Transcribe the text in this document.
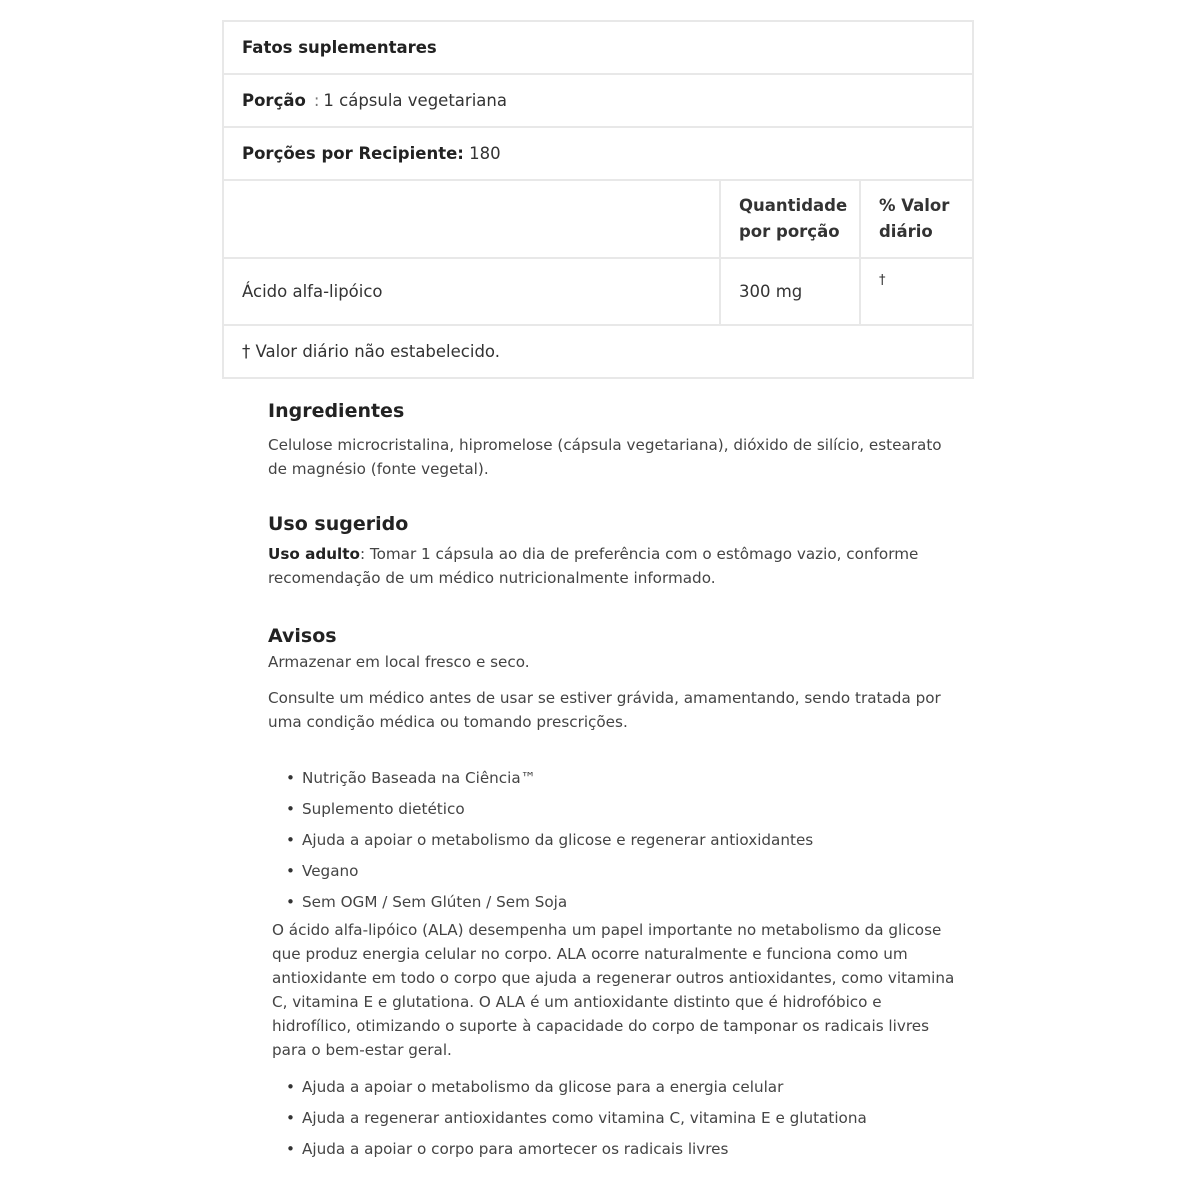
Fatos suplementares		
Porção : 1 cápsula vegetariana		
Porções por Recipiente: 180		
	Quantidade por porção	% Valor diário
Ácido alfa-lipóico	300 mg	†
† Valor diário não estabelecido.		
Ingredientes

Celulose microcristalina, hipromelose (cápsula vegetariana), dióxido de silício, estearato de magnésio (fonte vegetal).

Uso sugerido

Uso adulto: Tomar 1 cápsula ao dia de preferência com o estômago vazio, conforme recomendação de um médico nutricionalmente informado.

Avisos

Armazenar em local fresco e seco.

Consulte um médico antes de usar se estiver grávida, amamentando, sendo tratada por uma condição médica ou tomando prescrições.

• Nutrição Baseada na Ciência™
• Suplemento dietético
• Ajuda a apoiar o metabolismo da glicose e regenerar antioxidantes
• Vegano
• Sem OGM / Sem Glúten / Sem Soja

O ácido alfa-lipóico (ALA) desempenha um papel importante no metabolismo da glicose que produz energia celular no corpo. ALA ocorre naturalmente e funciona como um antioxidante em todo o corpo que ajuda a regenerar outros antioxidantes, como vitamina C, vitamina E e glutationa. O ALA é um antioxidante distinto que é hidrofóbico e hidrofílico, otimizando o suporte à capacidade do corpo de tamponar os radicais livres para o bem-estar geral.

• Ajuda a apoiar o metabolismo da glicose para a energia celular
• Ajuda a regenerar antioxidantes como vitamina C, vitamina E e glutationa
• Ajuda a apoiar o corpo para amortecer os radicais livres
